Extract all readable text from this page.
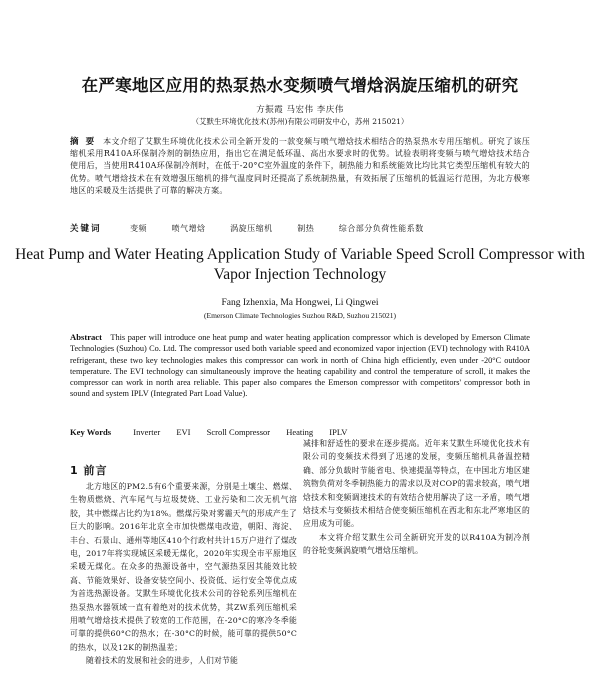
在严寒地区应用的热泵热水变频喷气增焓涡旋压缩机的研究
方振霞 马宏伟 李庆伟
（艾默生环境优化技术(苏州)有限公司研发中心，苏州 215021）
摘 要 本文介绍了艾默生环境优化技术公司全新开发的一款变频与喷气增焓技术相结合的热泵热水专用压缩机。研究了该压缩机采用R410A环保制冷剂的制热应用，指出它在满足低环温、高出水要求时的优势。试验表明将变频与喷气增焓技术结合使用后，当使用R410A环保制冷剂时，在低于-20°C室外温度的条件下，制热能力和系统能效比均比其它类型压缩机有较大的优势。喷气增焓技术在有效增强压缩机的排气温度同时还提高了系统制热量，有效拓展了压缩机的低温运行范围，为北方极寒地区的采暖及生活提供了可靠的解决方案。
关键词	变频	喷气增焓	涡旋压缩机	制热	综合部分负荷性能系数
Heat Pump and Water Heating Application Study of Variable Speed Scroll Compressor with Vapor Injection Technology
Fang Izhenxia, Ma Hongwei, Li Qingwei
(Emerson Climate Technologies Suzhou R&D, Suzhou 215021)
Abstract This paper will introduce one heat pump and water heating application compressor which is developed by Emerson Climate Technologies (Suzhou) Co. Ltd. The compressor used both variable speed and economized vapor injection (EVI) technology with R410A refrigerant, these two key technologies makes this compressor can work in north of China high efficiently, even under -20°C outdoor temperature. The EVI technology can simultaneously improve the heating capability and control the temperature of scroll, it makes the compressor can work in north area reliable. This paper also compares the Emerson compressor with competitors' compressor both in sound and system IPLV (Integrated Part Load Value).
Key Words	Inverter EVI Scroll Compressor Heating IPLV
1 前言

北方地区的PM2.5有6个重要来源，分别是土壤尘、燃煤、生物质燃烧、汽车尾气与垃圾焚烧、工业污染和二次无机气溶胶，其中燃煤占比约为18%。燃煤污染对雾霾天气的形成产生了巨大的影响。2016年北京全市加快燃煤电改造，朝阳、海淀、丰台、石景山、通州等地区410个行政村共计15万户进行了煤改电，2017年将实现城区采暖无煤化，2020年实现全市平原地区采暖无煤化。在众多的热源设备中，空气源热泵因其能效比较高、节能效果好、设备安装空间小、投资低、运行安全等优点成为首选热源设备。艾默生环境优化技术公司的谷轮系列压缩机在热泵热水器领域一直有着绝对的技术优势，其ZW系列压缩机采用喷气增焓技术提供了较宽的工作范围，在-20°C的寒冷冬季能可靠的提供60°C的热水；在-30°C的时候，能可靠的提供50°C的热水，以及12K的制热温差；

随着技术的发展和社会的进步，人们对节能

减排和舒适性的要求在逐步提高。近年来艾默生环境优化技术有限公司的变频技术得到了迅速的发展，变频压缩机具备温控精确、部分负载时节能省电、快速提温等特点，在中国北方地区建筑物负荷对冬季制热能力的需求以及对COP的需求较高，喷气增焓技术和变频调速技术的有效结合使用解决了这一矛盾，喷气增焓技术与变频技术相结合使变频压缩机在西北和东北严寒地区的应用成为可能。

本文将介绍艾默生公司全新研究开发的以R410A为制冷剂的谷轮变频涡旋喷气增焓压缩机。
